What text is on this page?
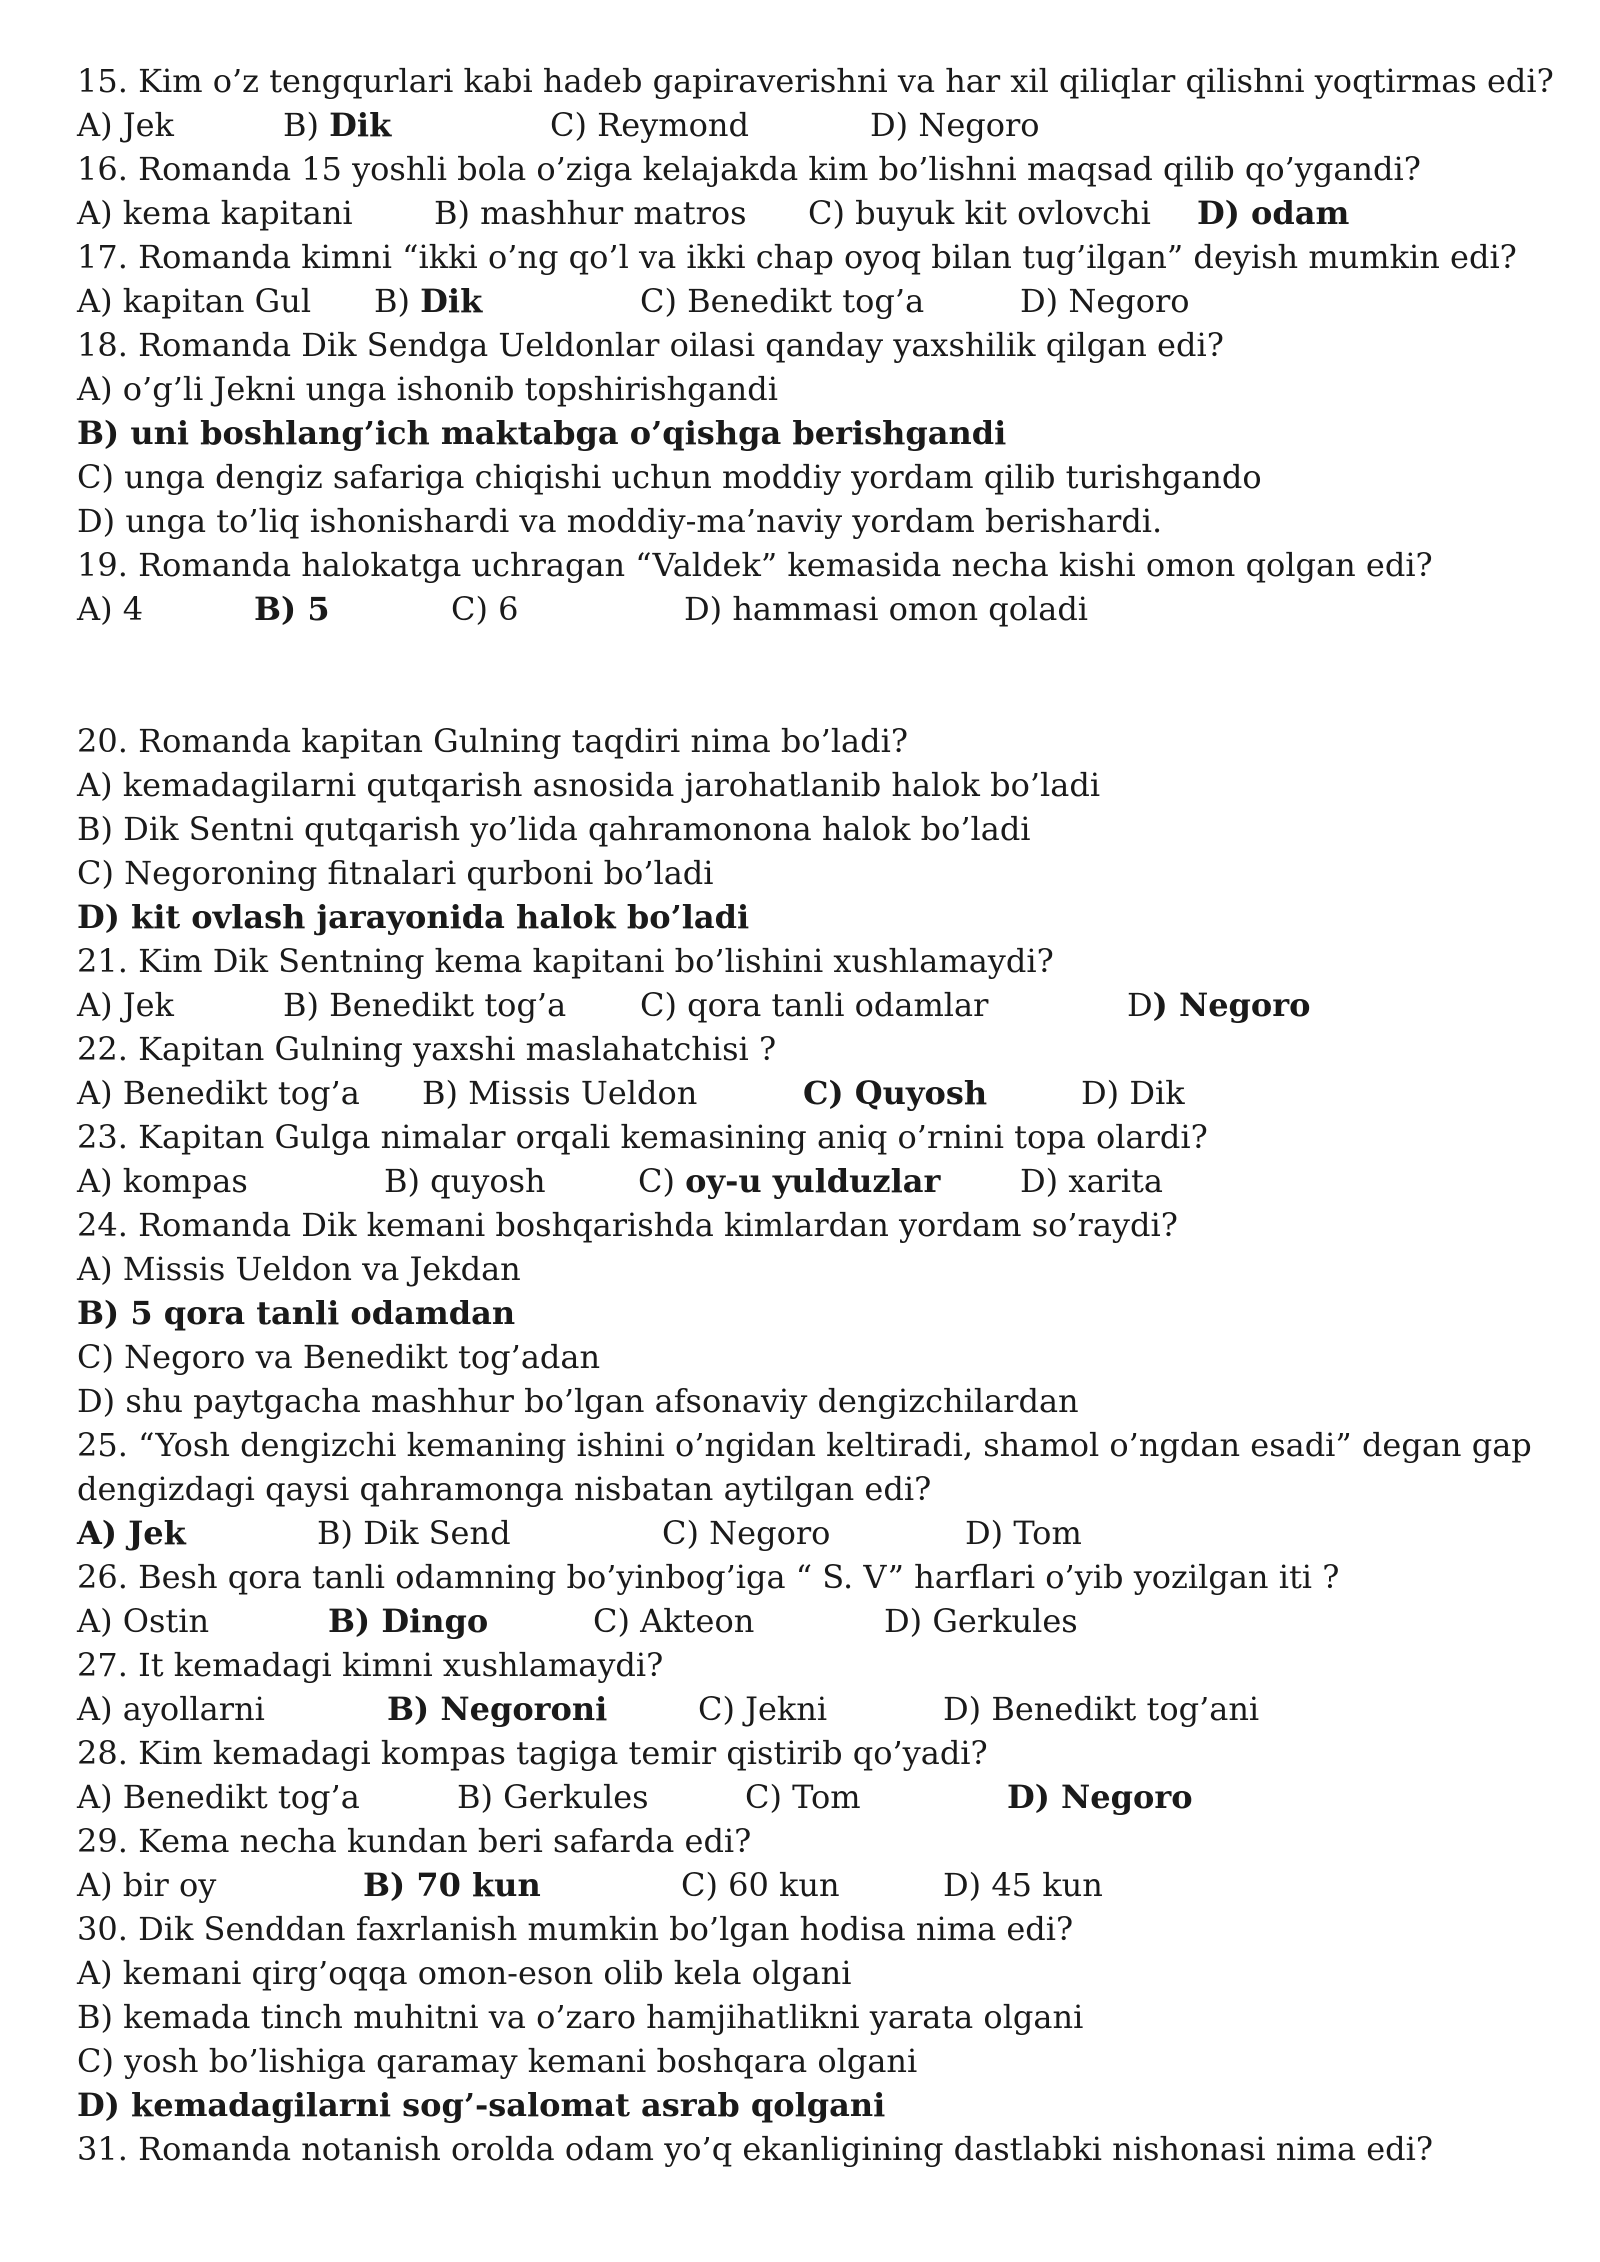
15. Kim o’z tengqurlari kabi hadeb gapiraverishni va har xil qiliqlar qilishni yoqtirmas edi?
A) Jek	B) Dik	C) Reymond	D) Negoro
16. Romanda 15 yoshli bola o’ziga kelajakda kim bo’lishni maqsad qilib qo’ygandi?
A) kema kapitani	B) mashhur matros C) buyuk kit ovlovchi D) odam
17. Romanda kimni “ikki o’ng qo’l va ikki chap oyoq bilan tug’ilgan” deyish mumkin edi?
A) kapitan Gul B) Dik	C) Benedikt tog’a	D) Negoro
18. Romanda Dik Sendga Ueldonlar oilasi qanday yaxshilik qilgan edi?
A) o’g’li Jekni unga ishonib topshirishgandi
B) uni boshlang’ich maktabga o’qishga berishgandi
C) unga dengiz safariga chiqishi uchun moddiy yordam qilib turishgando
D) unga to’liq ishonishardi va moddiy-ma’naviy yordam berishardi.
19. Romanda halokatga uchragan “Valdek” kemasida necha kishi omon qolgan edi?
A) 4	B) 5	C) 6	D) hammasi omon qoladi
20. Romanda kapitan Gulning taqdiri nima bo’ladi?
A) kemadagilarni qutqarish asnosida jarohatlanib halok bo’ladi
B) Dik Sentni qutqarish yo’lida qahramonona halok bo’ladi
C) Negoroning fitnalari qurboni bo’ladi
D) kit ovlash jarayonida halok bo’ladi
21. Kim Dik Sentning kema kapitani bo’lishini xushlamaydi?
A) Jek	B) Benedikt tog’a C) qora tanli odamlar	D) Negoro
22. Kapitan Gulning yaxshi maslahatchisi ?
A) Benedikt tog’a B) Missis Ueldon	C) Quyosh	D) Dik
23. Kapitan Gulga nimalar orqali kemasining aniq o’rnini topa olardi?
A) kompas	B) quyosh	C) oy-u yulduzlar D) xarita
24. Romanda Dik kemani boshqarishda kimlardan yordam so’raydi?
A) Missis Ueldon va Jekdan
B) 5 qora tanli odamdan
C) Negoro va Benedikt tog’adan
D) shu paytgacha mashhur bo’lgan afsonaviy dengizchilardan
25. “Yosh dengizchi kemaning ishini o’ngidan keltiradi, shamol o’ngdan esadi” degan gap
dengizdagi qaysi qahramonga nisbatan aytilgan edi?
A) Jek	B) Dik Send	C) Negoro	D) Tom
26. Besh qora tanli odamning bo’yinbog’iga “ S. V” harflari o’yib yozilgan iti ?
A) Ostin	B) Dingo	C) Akteon	D) Gerkules
27. It kemadagi kimni xushlamaydi?
A) ayollarni	B) Negoroni	C) Jekni	D) Benedikt tog’ani
28. Kim kemadagi kompas tagiga temir qistirib qo’yadi?
A) Benedikt tog’a	B) Gerkules	C) Tom	D) Negoro
29. Kema necha kundan beri safarda edi?
A) bir oy	B) 70 kun	C) 60 kun	D) 45 kun
30. Dik Senddan faxrlanish mumkin bo’lgan hodisa nima edi?
A) kemani qirg’oqqa omon-eson olib kela olgani
B) kemada tinch muhitni va o’zaro hamjihatlikni yarata olgani
C) yosh bo’lishiga qaramay kemani boshqara olgani
D) kemadagilarni sog’-salomat asrab qolgani
31. Romanda notanish orolda odam yo’q ekanligining dastlabki nishonasi nima edi?
